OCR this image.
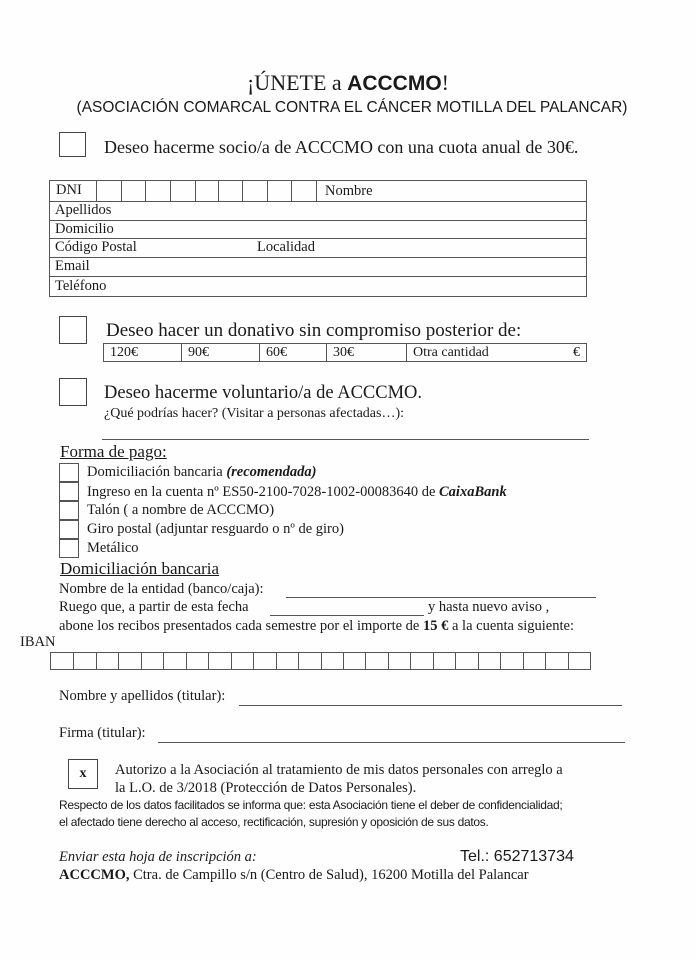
¡ÚNETE a ACCCMO!
(ASOCIACIÓN COMARCAL CONTRA EL CÁNCER MOTILLA DEL PALANCAR)
Deseo hacerme socio/a de ACCCMO con una cuota anual de 30€.
DNI	Nombre
Apellidos
Domicilio
Código Postal	Localidad
Email
Teléfono
Deseo hacer un donativo sin compromiso posterior de:
120€	90€	60€	30€	Otra cantidad	€
Deseo hacerme voluntario/a de ACCCMO.
¿Qué podrías hacer? (Visitar a personas afectadas…):
Forma de pago:
Domiciliación bancaria (recomendada)
Ingreso en la cuenta nº ES50-2100-7028-1002-00083640 de CaixaBank
Talón ( a nombre de ACCCMO)
Giro postal (adjuntar resguardo o nº de giro)
Metálico
Domiciliación bancaria
Nombre de la entidad (banco/caja):
Ruego que, a partir de esta fecha	y hasta nuevo aviso ,
abone los recibos presentados cada semestre por el importe de 15 € a la cuenta siguiente:
IBAN
Nombre y apellidos (titular):
Firma (titular):
x	Autorizo a la Asociación al tratamiento de mis datos personales con arreglo a
la L.O. de 3/2018 (Protección de Datos Personales).
Respecto de los datos facilitados se informa que: esta Asociación tiene el deber de confidencialidad;
el afectado tiene derecho al acceso, rectificación, supresión y oposición de sus datos.
Enviar esta hoja de inscripción a:	Tel.: 652713734
ACCCMO, Ctra. de Campillo s/n (Centro de Salud), 16200 Motilla del Palancar
